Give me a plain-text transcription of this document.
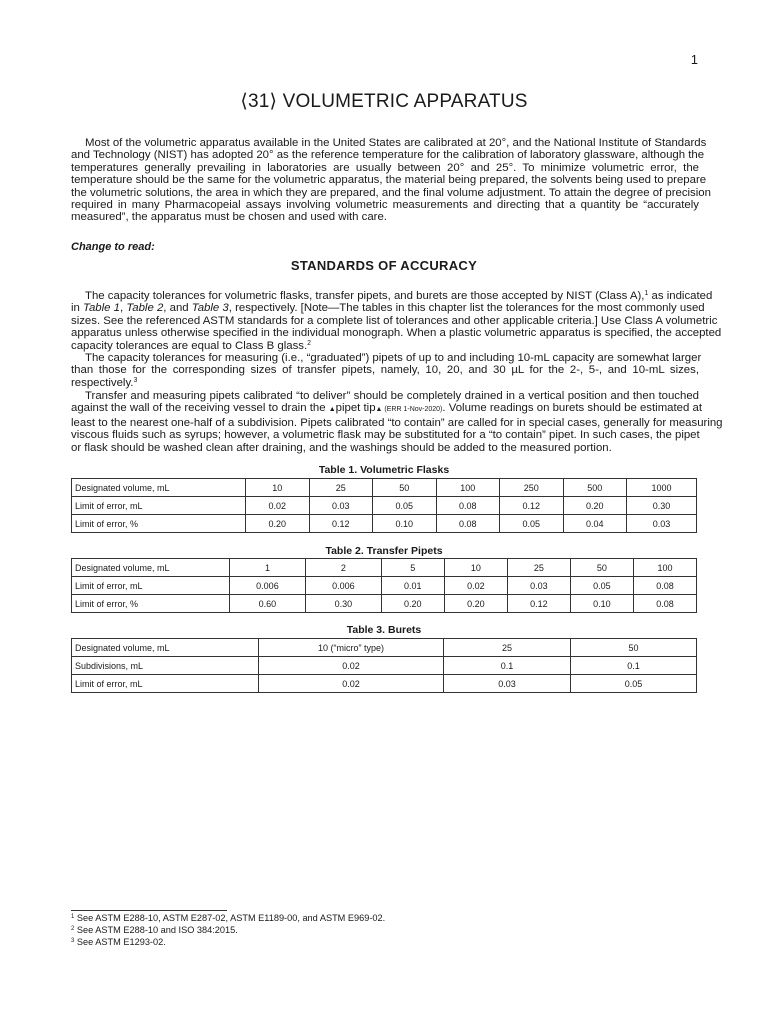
1
⟨31⟩ VOLUMETRIC APPARATUS
Most of the volumetric apparatus available in the United States are calibrated at 20°, and the National Institute of Standards
and Technology (NIST) has adopted 20° as the reference temperature for the calibration of laboratory glassware, although the
temperatures generally prevailing in laboratories are usually between 20° and 25°. To minimize volumetric error, the
temperature should be the same for the volumetric apparatus, the material being prepared, the solvents being used to prepare
the volumetric solutions, the area in which they are prepared, and the final volume adjustment. To attain the degree of precision
required in many Pharmacopeial assays involving volumetric measurements and directing that a quantity be “accurately
measured”, the apparatus must be chosen and used with care.
Change to read:
STANDARDS OF ACCURACY
The capacity tolerances for volumetric flasks, transfer pipets, and burets are those accepted by NIST (Class A),$^1$ as indicated
in Table 1, Table 2, and Table 3, respectively. [Note—The tables in this chapter list the tolerances for the most commonly used
sizes. See the referenced ASTM standards for a complete list of tolerances and other applicable criteria.] Use Class A volumetric
apparatus unless otherwise specified in the individual monograph. When a plastic volumetric apparatus is specified, the accepted
capacity tolerances are equal to Class B glass.$^2$
The capacity tolerances for measuring (i.e., “graduated”) pipets of up to and including 10-mL capacity are somewhat larger
than those for the corresponding sizes of transfer pipets, namely, 10, 20, and 30 µL for the 2-, 5-, and 10-mL sizes,
respectively.$^3$
Transfer and measuring pipets calibrated “to deliver” should be completely drained in a vertical position and then touched
against the wall of the receiving vessel to drain the ▲pipet tip▲ (ERR 1-Nov-2020). Volume readings on burets should be estimated at
least to the nearest one-half of a subdivision. Pipets calibrated “to contain” are called for in special cases, generally for measuring
viscous fluids such as syrups; however, a volumetric flask may be substituted for a “to contain” pipet. In such cases, the pipet
or flask should be washed clean after draining, and the washings should be added to the measured portion.
Table 1. Volumetric Flasks
Designated volume, mL	10	25	50	100	250	500	1000
Limit of error, mL	0.02	0.03	0.05	0.08	0.12	0.20	0.30
Limit of error, %	0.20	0.12	0.10	0.08	0.05	0.04	0.03
Table 2. Transfer Pipets
Designated volume, mL	1	2	5	10	25	50	100
Limit of error, mL	0.006	0.006	0.01	0.02	0.03	0.05	0.08
Limit of error, %	0.60	0.30	0.20	0.20	0.12	0.10	0.08
Table 3. Burets
Designated volume, mL	10 (“micro” type)	25	50
Subdivisions, mL	0.02	0.1	0.1
Limit of error, mL	0.02	0.03	0.05
$^1$ See ASTM E288-10, ASTM E287-02, ASTM E1189-00, and ASTM E969-02.
$^2$ See ASTM E288-10 and ISO 384:2015.
$^3$ See ASTM E1293-02.
